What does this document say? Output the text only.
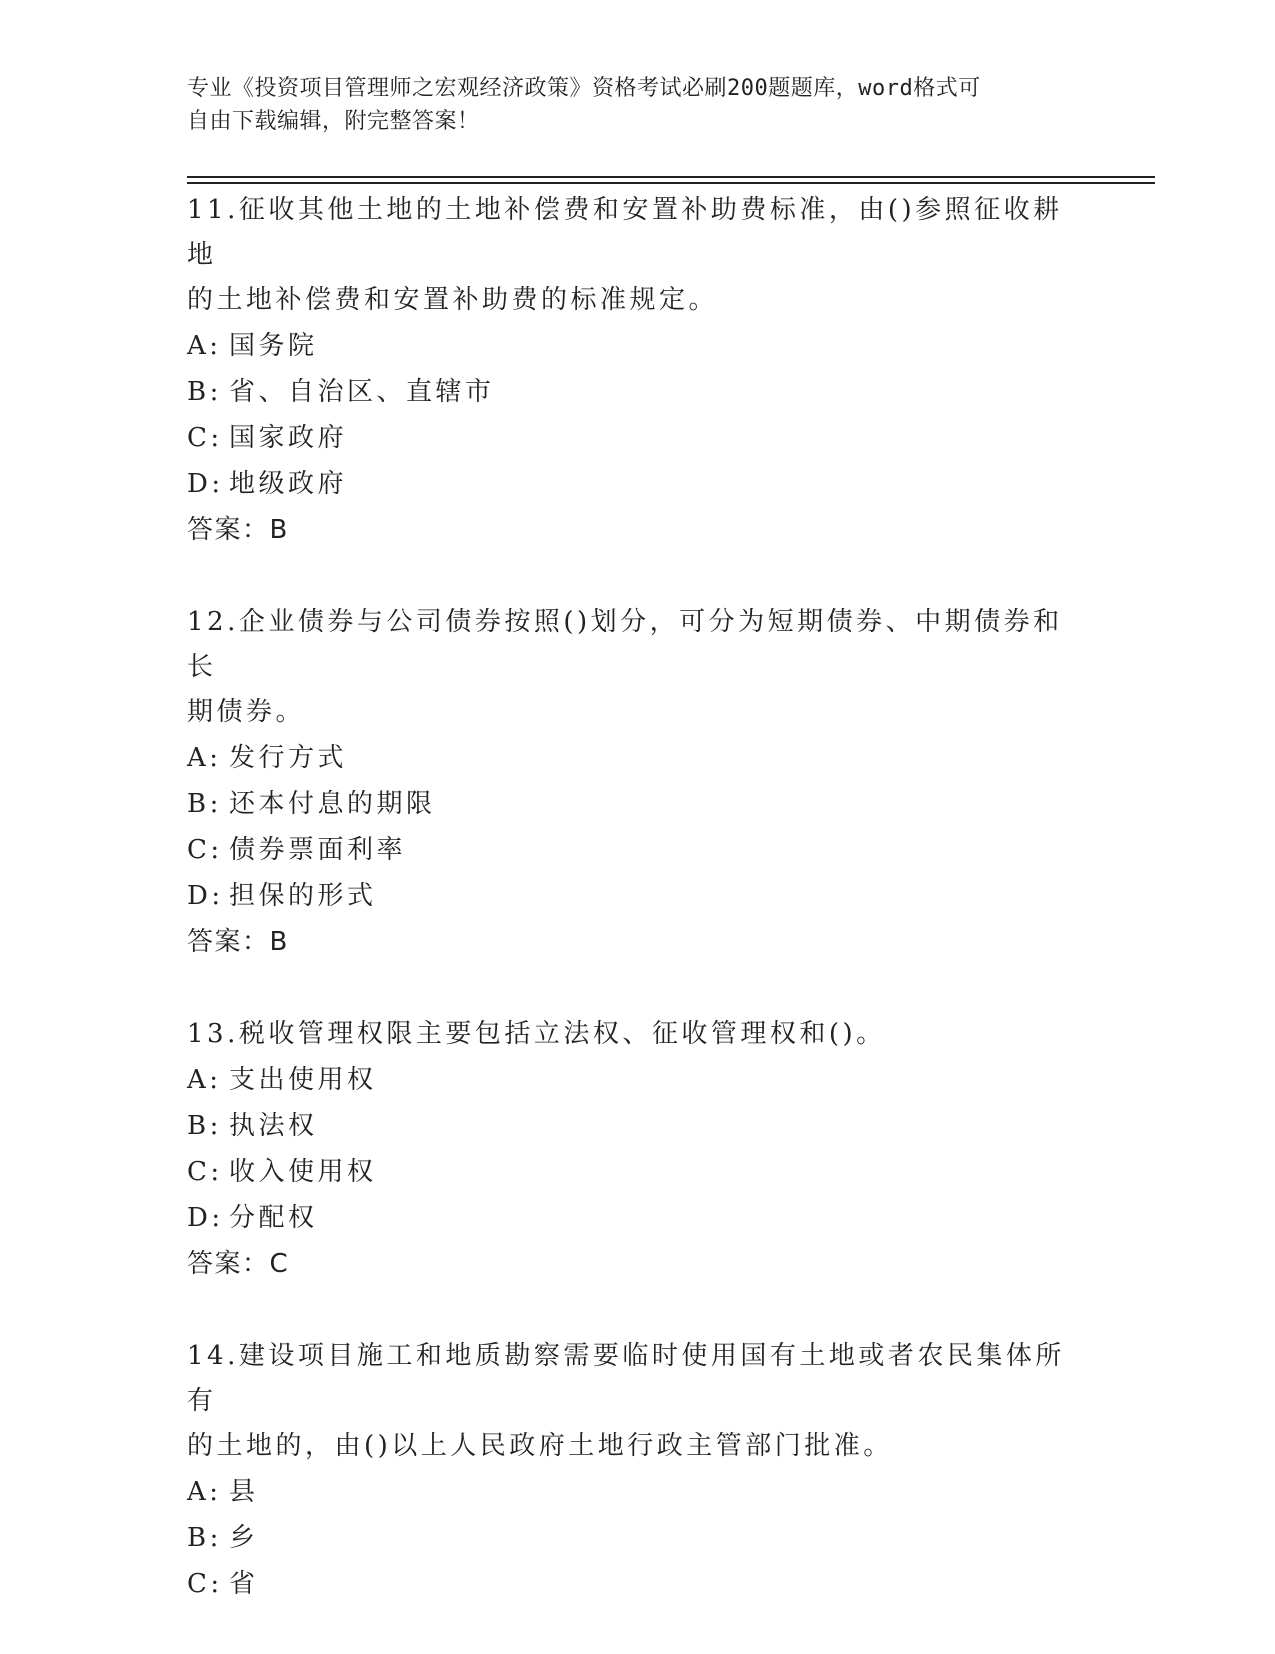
专业《投资项目管理师之宏观经济政策》资格考试必刷200题题库，word格式可
自由下载编辑，附完整答案！

11.征收其他土地的土地补偿费和安置补助费标准，由()参照征收耕地
的土地补偿费和安置补助费的标准规定。

A: 国务院

B: 省、自治区、直辖市

C: 国家政府

D: 地级政府

答案：B

12.企业债券与公司债券按照()划分，可分为短期债券、中期债券和长
期债券。

A: 发行方式

B: 还本付息的期限

C: 债券票面利率

D: 担保的形式

答案：B

13.税收管理权限主要包括立法权、征收管理权和()。

A: 支出使用权

B: 执法权

C: 收入使用权

D: 分配权

答案：C

14.建设项目施工和地质勘察需要临时使用国有土地或者农民集体所有
的土地的，由()以上人民政府土地行政主管部门批准。

A: 县

B: 乡

C: 省
